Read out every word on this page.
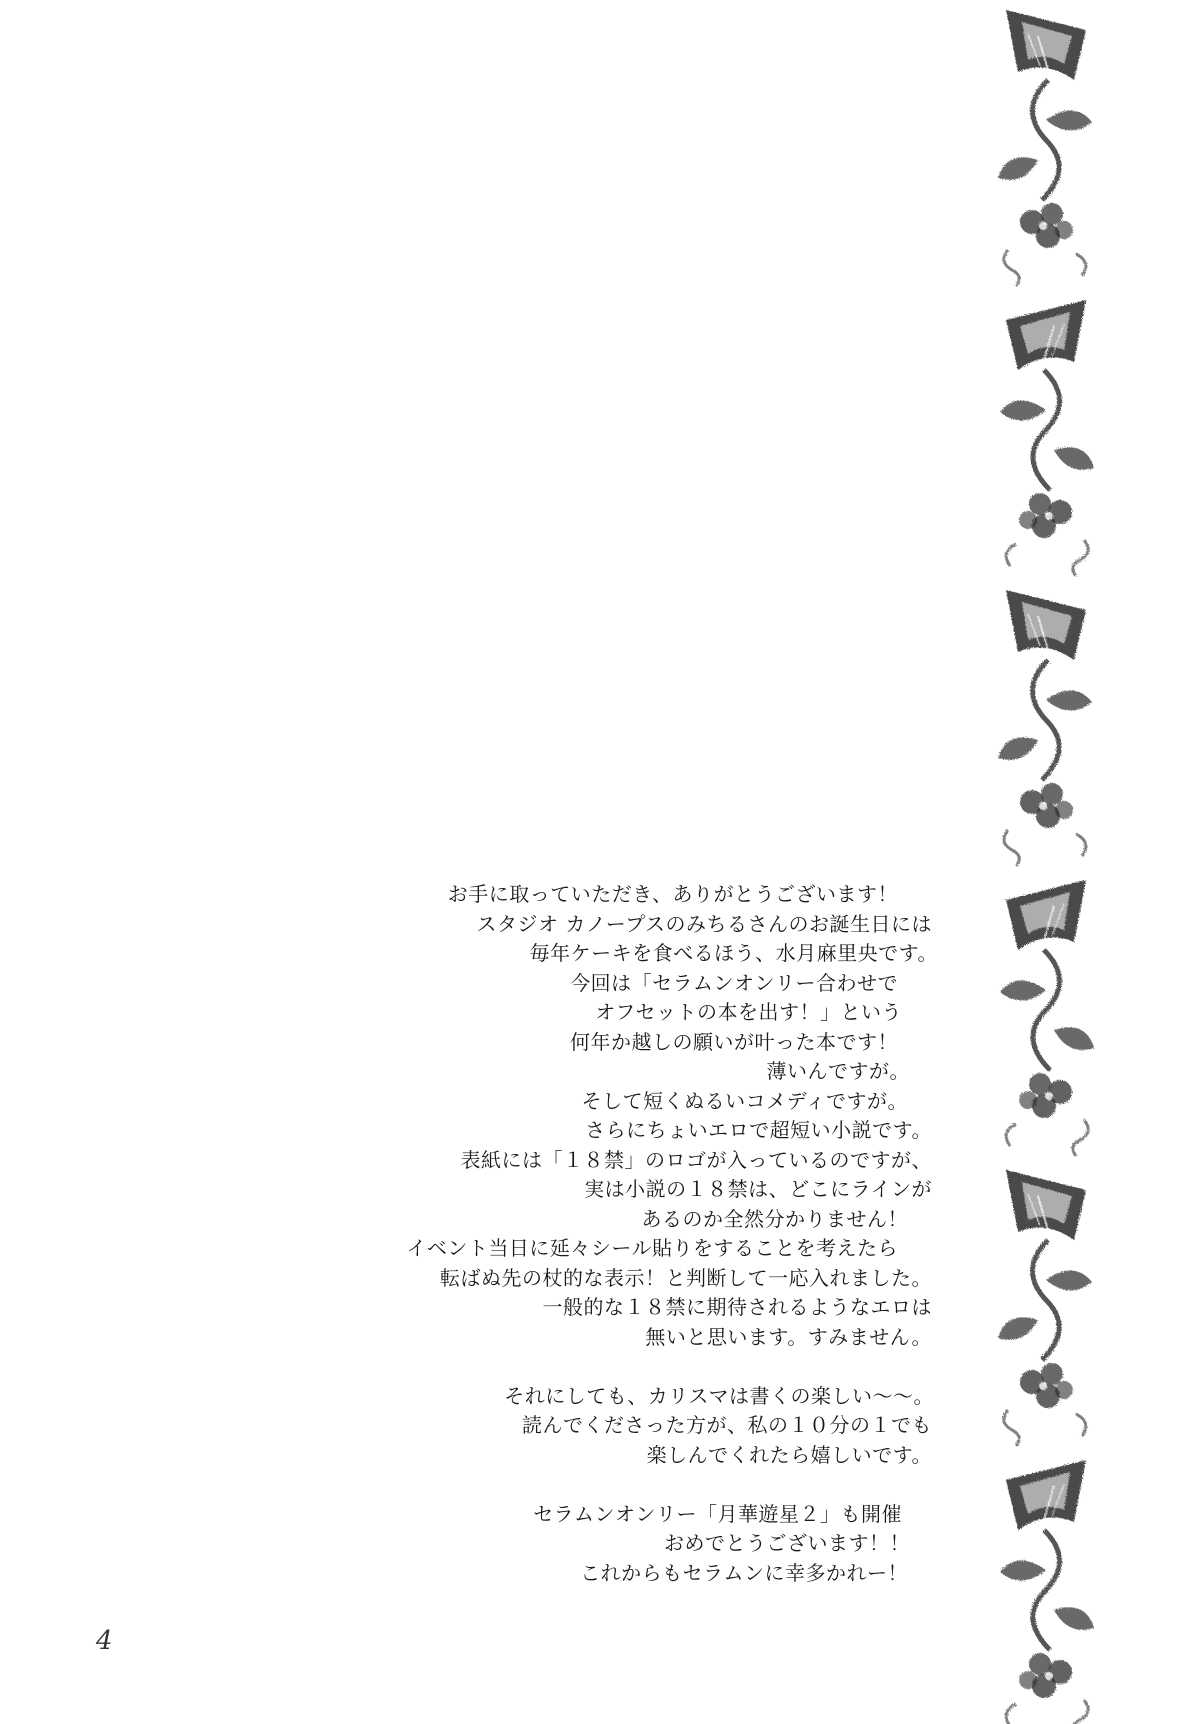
お手に取っていただき、ありがとうございます！
スタジオ カノープスのみちるさんのお誕生日には
毎年ケーキを食べるほう、水月麻里央です。
今回は「セラムンオンリー合わせで
オフセットの本を出す！」という
何年か越しの願いが叶った本です！
薄いんですが。
そして短くぬるいコメディですが。
さらにちょいエロで超短い小説です。
表紙には「１８禁」のロゴが入っているのですが、
実は小説の１８禁は、どこにラインが
あるのか全然分かりません！
イベント当日に延々シール貼りをすることを考えたら
転ばぬ先の杖的な表示！と判断して一応入れました。
一般的な１８禁に期待されるようなエロは
無いと思います。すみません。
それにしても、カリスマは書くの楽しい～～。
読んでくださった方が、私の１０分の１でも
楽しんでくれたら嬉しいです。
セラムンオンリー「月華遊星２」も開催
おめでとうございます！！
これからもセラムンに幸多かれー！
4
